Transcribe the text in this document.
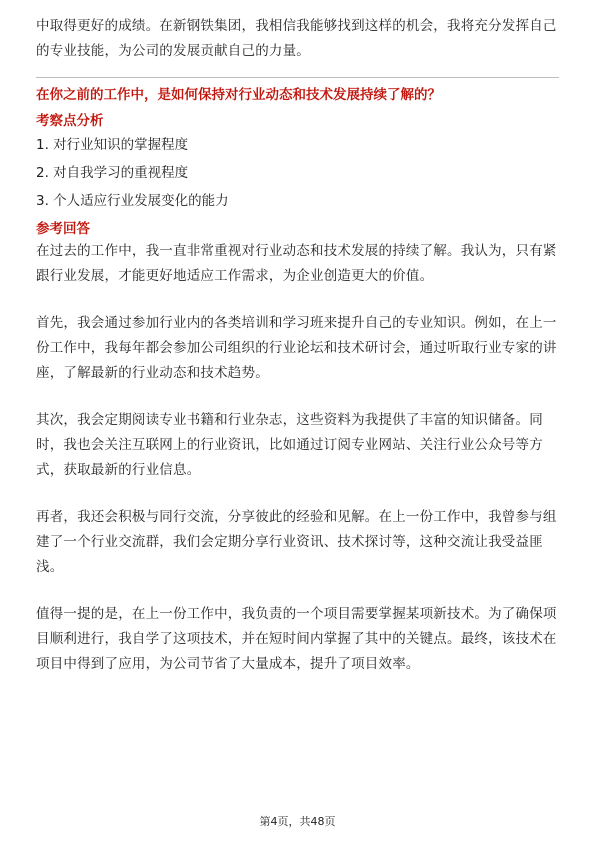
中取得更好的成绩。在新钢铁集团，我相信我能够找到这样的机会，我将充分发挥自己的专业技能，为公司的发展贡献自己的力量。

在你之前的工作中，是如何保持对行业动态和技术发展持续了解的？

考察点分析

1. 对行业知识的掌握程度
2. 对自我学习的重视程度
3. 个人适应行业发展变化的能力

参考回答

在过去的工作中，我一直非常重视对行业动态和技术发展的持续了解。我认为，只有紧跟行业发展，才能更好地适应工作需求，为企业创造更大的价值。

首先，我会通过参加行业内的各类培训和学习班来提升自己的专业知识。例如，在上一份工作中，我每年都会参加公司组织的行业论坛和技术研讨会，通过听取行业专家的讲座，了解最新的行业动态和技术趋势。

其次，我会定期阅读专业书籍和行业杂志，这些资料为我提供了丰富的知识储备。同时，我也会关注互联网上的行业资讯，比如通过订阅专业网站、关注行业公众号等方式，获取最新的行业信息。

再者，我还会积极与同行交流，分享彼此的经验和见解。在上一份工作中，我曾参与组建了一个行业交流群，我们会定期分享行业资讯、技术探讨等，这种交流让我受益匪浅。

值得一提的是，在上一份工作中，我负责的一个项目需要掌握某项新技术。为了确保项目顺利进行，我自学了这项技术，并在短时间内掌握了其中的关键点。最终，该技术在项目中得到了应用，为公司节省了大量成本，提升了项目效率。

第4页，共48页
